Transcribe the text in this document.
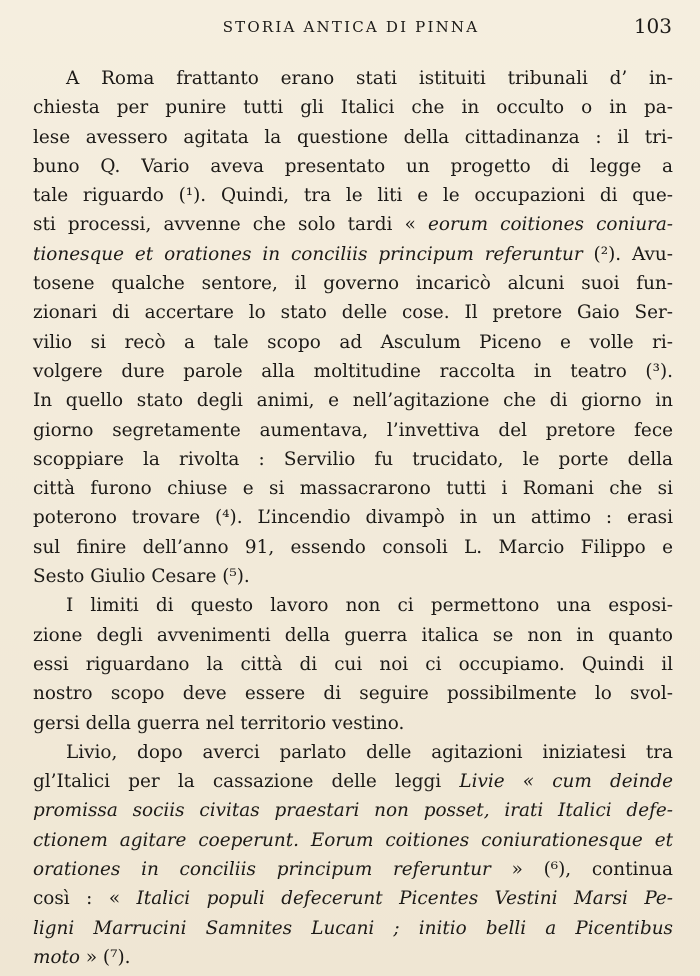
STORIA ANTICA DI PINNA	103
A Roma frattanto erano stati istituiti tribunali d’ in-
chiesta per punire tutti gli Italici che in occulto o in pa-
lese avessero agitata la questione della cittadinanza : il tri-
buno Q. Vario aveva presentato un progetto di legge a
tale riguardo (¹). Quindi, tra le liti e le occupazioni di que-
sti processi, avvenne che solo tardi « eorum coitiones coniura-
tionesque et orationes in conciliis principum referuntur (²). Avu-
tosene qualche sentore, il governo incaricò alcuni suoi fun-
zionari di accertare lo stato delle cose. Il pretore Gaio Ser-
vilio si recò a tale scopo ad Asculum Piceno e volle ri-
volgere dure parole alla moltitudine raccolta in teatro (³).
In quello stato degli animi, e nell’agitazione che di giorno in
giorno segretamente aumentava, l’invettiva del pretore fece
scoppiare la rivolta : Servilio fu trucidato, le porte della
città furono chiuse e si massacrarono tutti i Romani che si
poterono trovare (⁴). L’incendio divampò in un attimo : erasi
sul finire dell’anno 91, essendo consoli L. Marcio Filippo e
Sesto Giulio Cesare (⁵).
I limiti di questo lavoro non ci permettono una esposi-
zione degli avvenimenti della guerra italica se non in quanto
essi riguardano la città di cui noi ci occupiamo. Quindi il
nostro scopo deve essere di seguire possibilmente lo svol-
gersi della guerra nel territorio vestino.
Livio, dopo averci parlato delle agitazioni iniziatesi tra
gl’Italici per la cassazione delle leggi Livie « cum deinde
promissa sociis civitas praestari non posset, irati Italici defe-
ctionem agitare coeperunt. Eorum coitiones coniurationesque et
orationes in conciliis principum referuntur » (⁶), continua
così : « Italici populi defecerunt Picentes Vestini Marsi Pe-
ligni Marrucini Samnites Lucani ; initio belli a Picentibus
moto » (⁷).
